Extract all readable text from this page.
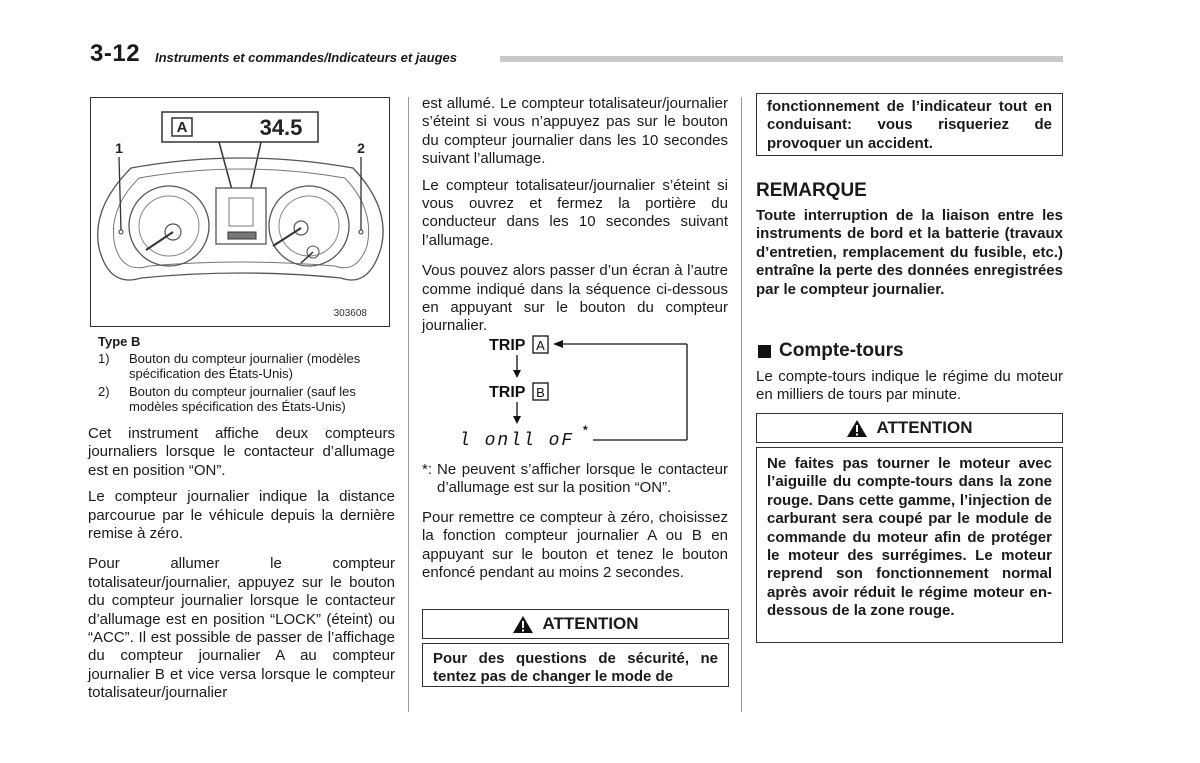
3-12 Instruments et commandes/Indicateurs et jauges
A	34.5
1	2
303608
Type B
1)	Bouton du compteur journalier (modèles spécification des États-Unis)
2)	Bouton du compteur journalier (sauf les modèles spécification des États-Unis)

Cet instrument affiche deux compteurs journaliers lorsque le contacteur d’allumage est en position “ON”.

Le compteur journalier indique la distance parcourue par le véhicule depuis la dernière remise à zéro.

Pour allumer le compteur totalisateur/journalier, appuyez sur le bouton du compteur journalier lorsque le contacteur d’allumage est en position “LOCK” (éteint) ou “ACC”. Il est possible de passer de l’affichage du compteur journalier A au compteur journalier B et vice versa lorsque le compteur totalisateur/journalier

est allumé. Le compteur totalisateur/journalier s’éteint si vous n’appuyez pas sur le bouton du compteur journalier dans les 10 secondes suivant l’allumage.

Le compteur totalisateur/journalier s’éteint si vous ouvrez et fermez la portière du conducteur dans les 10 secondes suivant l’allumage.

Vous pouvez alors passer d’un écran à l’autre comme indiqué dans la séquence ci-dessous en appuyant sur le bouton du compteur journalier.

TRIP A
TRIP B
l onll oF
*
*: Ne peuvent s’afficher lorsque le contacteur d’allumage est sur la position “ON”.
Pour remettre ce compteur à zéro, choisissez la fonction compteur journalier A ou B en appuyant sur le bouton et tenez le bouton enfoncé pendant au moins 2 secondes.
ATTENTION
Pour des questions de sécurité, ne tentez pas de changer le mode de
fonctionnement de l’indicateur tout en conduisant: vous risqueriez de provoquer un accident.
REMARQUE
Toute interruption de la liaison entre les instruments de bord et la batterie (travaux d’entretien, remplacement du fusible, etc.) entraîne la perte des données enregistrées par le compteur journalier.
Compte-tours
Le compte-tours indique le régime du moteur en milliers de tours par minute.
ATTENTION
Ne faites pas tourner le moteur avec l’aiguille du compte-tours dans la zone rouge. Dans cette gamme, l’injection de carburant sera coupé par le module de commande du moteur afin de protéger le moteur des surrégimes. Le moteur reprend son fonctionnement normal après avoir réduit le régime moteur en-dessous de la zone rouge.
